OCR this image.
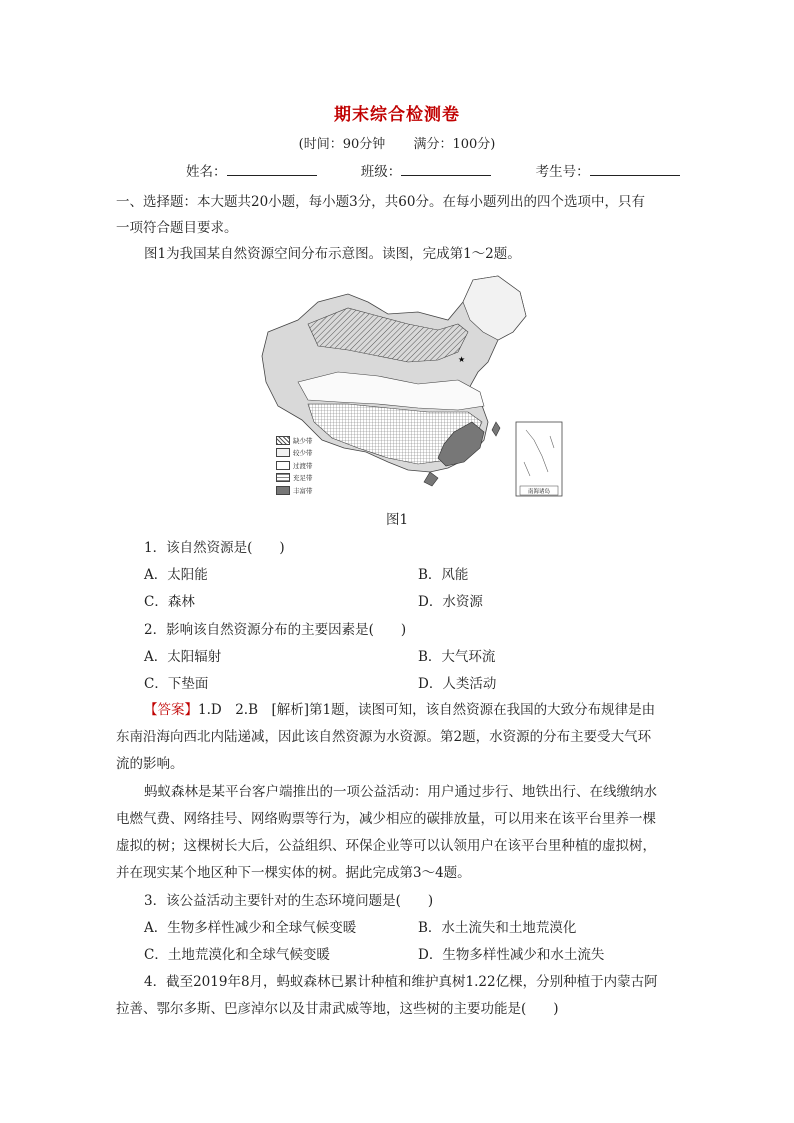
期末综合检测卷
(时间：90分钟 满分：100分)
姓名：	班级：	考生号：
一、选择题：本大题共20小题，每小题3分，共60分。在每小题列出的四个选项中，只有
一项符合题目要求。
图1为我国某自然资源空间分布示意图。读图，完成第1～2题。
★
南海诸岛
缺少带
较少带
过渡带
充足带
丰富带
图1
1．该自然资源是(　　)
A．太阳能	B．风能
C．森林	D．水资源
2．影响该自然资源分布的主要因素是(　　)
A．太阳辐射	B．大气环流
C．下垫面	D．人类活动
【答案】1.D　2.B　[解析]第1题，读图可知，该自然资源在我国的大致分布规律是由
东南沿海向西北内陆递减，因此该自然资源为水资源。第2题，水资源的分布主要受大气环
流的影响。
蚂蚁森林是某平台客户端推出的一项公益活动：用户通过步行、地铁出行、在线缴纳水
电燃气费、网络挂号、网络购票等行为，减少相应的碳排放量，可以用来在该平台里养一棵
虚拟的树；这棵树长大后，公益组织、环保企业等可以认领用户在该平台里种植的虚拟树，
并在现实某个地区种下一棵实体的树。据此完成第3～4题。
3．该公益活动主要针对的生态环境问题是(　　)
A．生物多样性减少和全球气候变暖	B．水土流失和土地荒漠化
C．土地荒漠化和全球气候变暖	D．生物多样性减少和水土流失
4．截至2019年8月，蚂蚁森林已累计种植和维护真树1.22亿棵，分别种植于内蒙古阿
拉善、鄂尔多斯、巴彦淖尔以及甘肃武威等地，这些树的主要功能是(　　)
